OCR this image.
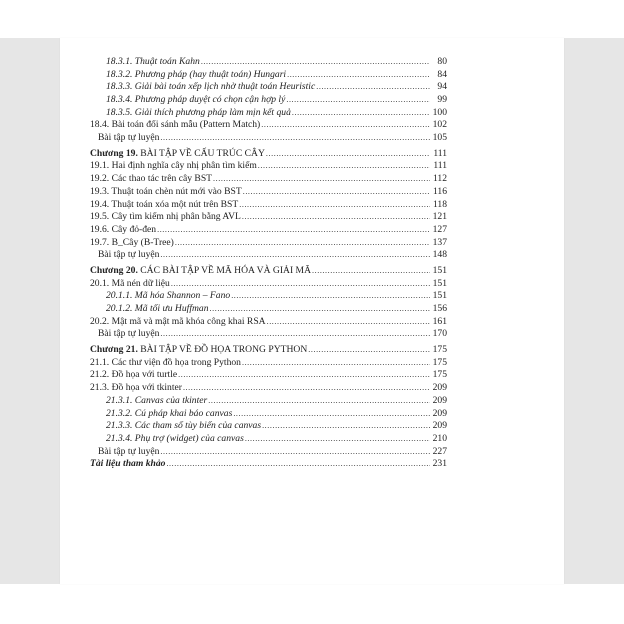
18.3.1. Thuật toán Kahn .....	80
18.3.2. Phương pháp (hay thuật toán) Hungari .....	84
18.3.3. Giải bài toán xếp lịch nhờ thuật toán Heuristic .....	94
18.3.4. Phương pháp duyệt có chọn cận hợp lý .....	99
18.3.5. Giải thích phương pháp làm mịn kết quả .....	100
18.4. Bài toán đối sánh mẫu (Pattern Match) .....	102
Bài tập tự luyện .....	105
Chương 19. BÀI TẬP VỀ CẤU TRÚC CÂY .....	111
19.1. Hai định nghĩa cây nhị phân tìm kiếm .....	111
19.2. Các thao tác trên cây BST .....	112
19.3. Thuật toán chèn nút mới vào BST .....	116
19.4. Thuật toán xóa một nút trên BST .....	118
19.5. Cây tìm kiếm nhị phân bằng AVL .....	121
19.6. Cây đỏ-đen .....	127
19.7. B_Cây (B-Tree) .....	137
Bài tập tự luyện .....	148
Chương 20. CÁC BÀI TẬP VỀ MÃ HÓA VÀ GIẢI MÃ .....	151
20.1. Mã nén dữ liệu .....	151
20.1.1. Mã hóa Shannon – Fano .....	151
20.1.2. Mã tối ưu Huffman .....	156
20.2. Mật mã và mật mã khóa công khai RSA .....	161
Bài tập tự luyện .....	170
Chương 21. BÀI TẬP VỀ ĐỒ HỌA TRONG PYTHON .....	175
21.1. Các thư viện đồ họa trong Python .....	175
21.2. Đồ họa với turtle .....	175
21.3. Đồ họa với tkinter .....	209
21.3.1. Canvas của tkinter .....	209
21.3.2. Cú pháp khai báo canvas .....	209
21.3.3. Các tham số tùy biến của canvas .....	209
21.3.4. Phụ trợ (widget) của canvas .....	210
Bài tập tự luyện .....	227
Tài liệu tham khảo .....	231
